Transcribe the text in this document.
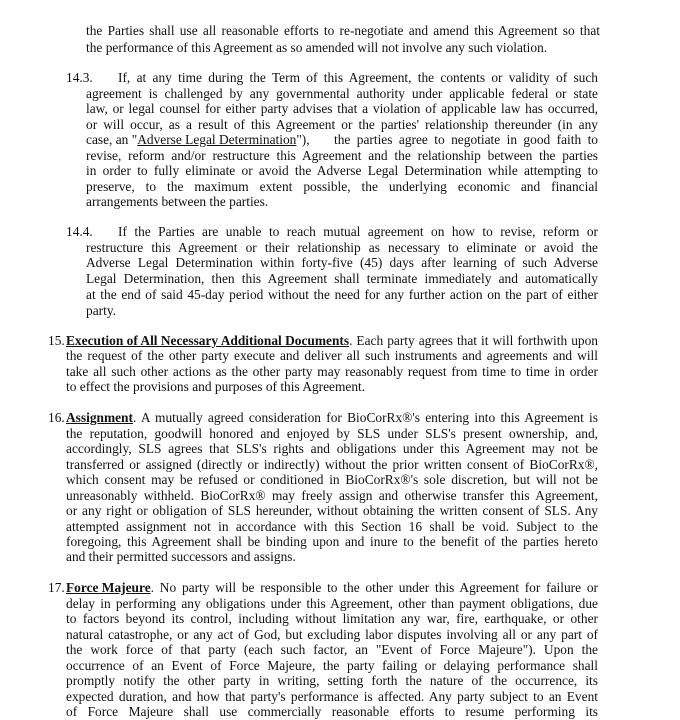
the Parties shall use all reasonable efforts to re-negotiate and amend this Agreement so that
the performance of this Agreement as so amended will not involve any such violation.
14.3. If, at any time during the Term of this Agreement, the contents or validity of such
agreement is challenged by any governmental authority under applicable federal or state
law, or legal counsel for either party advises that a violation of applicable law has occurred,
or will occur, as a result of this Agreement or the parties' relationship thereunder (in any
case, an "Adverse Legal Determination"), the parties agree to negotiate in good faith to
revise, reform and/or restructure this Agreement and the relationship between the parties
in order to fully eliminate or avoid the Adverse Legal Determination while attempting to
preserve, to the maximum extent possible, the underlying economic and financial
arrangements between the parties.
14.4. If the Parties are unable to reach mutual agreement on how to revise, reform or
restructure this Agreement or their relationship as necessary to eliminate or avoid the
Adverse Legal Determination within forty-five (45) days after learning of such Adverse
Legal Determination, then this Agreement shall terminate immediately and automatically
at the end of said 45-day period without the need for any further action on the part of either
party.
15. Execution of All Necessary Additional Documents . Each party agrees that it will forthwith upon
the request of the other party execute and deliver all such instruments and agreements and will
take all such other actions as the other party may reasonably request from time to time in order
to effect the provisions and purposes of this Agreement.
16. Assignment . A mutually agreed consideration for BioCorRx®'s entering into this Agreement is
the reputation, goodwill honored and enjoyed by SLS under SLS's present ownership, and,
accordingly, SLS agrees that SLS's rights and obligations under this Agreement may not be
transferred or assigned (directly or indirectly) without the prior written consent of BioCorRx®,
which consent may be refused or conditioned in BioCorRx®'s sole discretion, but will not be
unreasonably withheld. BioCorRx® may freely assign and otherwise transfer this Agreement,
or any right or obligation of SLS hereunder, without obtaining the written consent of SLS. Any
attempted assignment not in accordance with this Section 16 shall be void. Subject to the
foregoing, this Agreement shall be binding upon and inure to the benefit of the parties hereto
and their permitted successors and assigns.
17. Force Majeure . No party will be responsible to the other under this Agreement for failure or
delay in performing any obligations under this Agreement, other than payment obligations, due
to factors beyond its control, including without limitation any war, fire, earthquake, or other
natural catastrophe, or any act of God, but excluding labor disputes involving all or any part of
the work force of that party (each such factor, an "Event of Force Majeure"). Upon the
occurrence of an Event of Force Majeure, the party failing or delaying performance shall
promptly notify the other party in writing, setting forth the nature of the occurrence, its
expected duration, and how that party's performance is affected. Any party subject to an Event
of Force Majeure shall use commercially reasonable efforts to resume performing its
